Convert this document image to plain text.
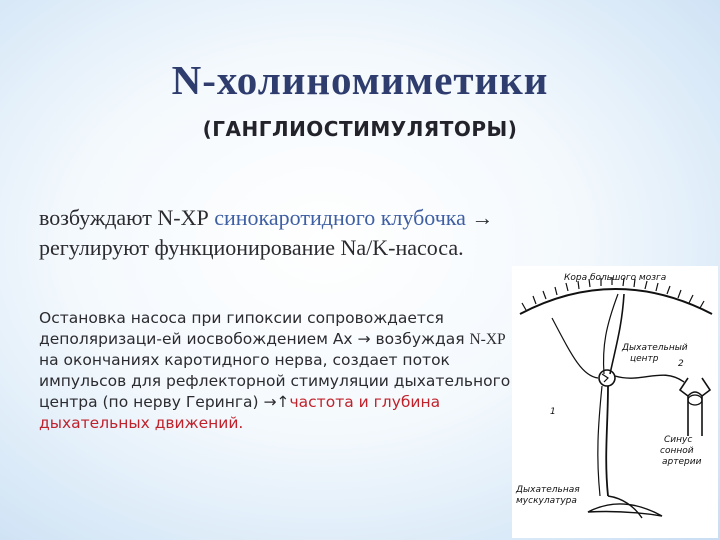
N-холиномиметики
(ГАНГЛИОСТИМУЛЯТОРЫ)
возбуждают N-ХР синокаротидного клубочка → регулируют функционирование Na/K-насоса.
Остановка насоса при гипоксии сопровождается деполяризаци-ей иосвобождением Ах → возбуждая N-ХР на окончаниях каротидного нерва, создает поток импульсов для рефлекторной стимуляции дыхательного центра (по нерву Геринга) →↑частота и глубина дыхательных движений.
Кора большого мозга
Дыхательный
центр 2
1
Синус
сонной
артерии
Дыхательная
мускулатура
